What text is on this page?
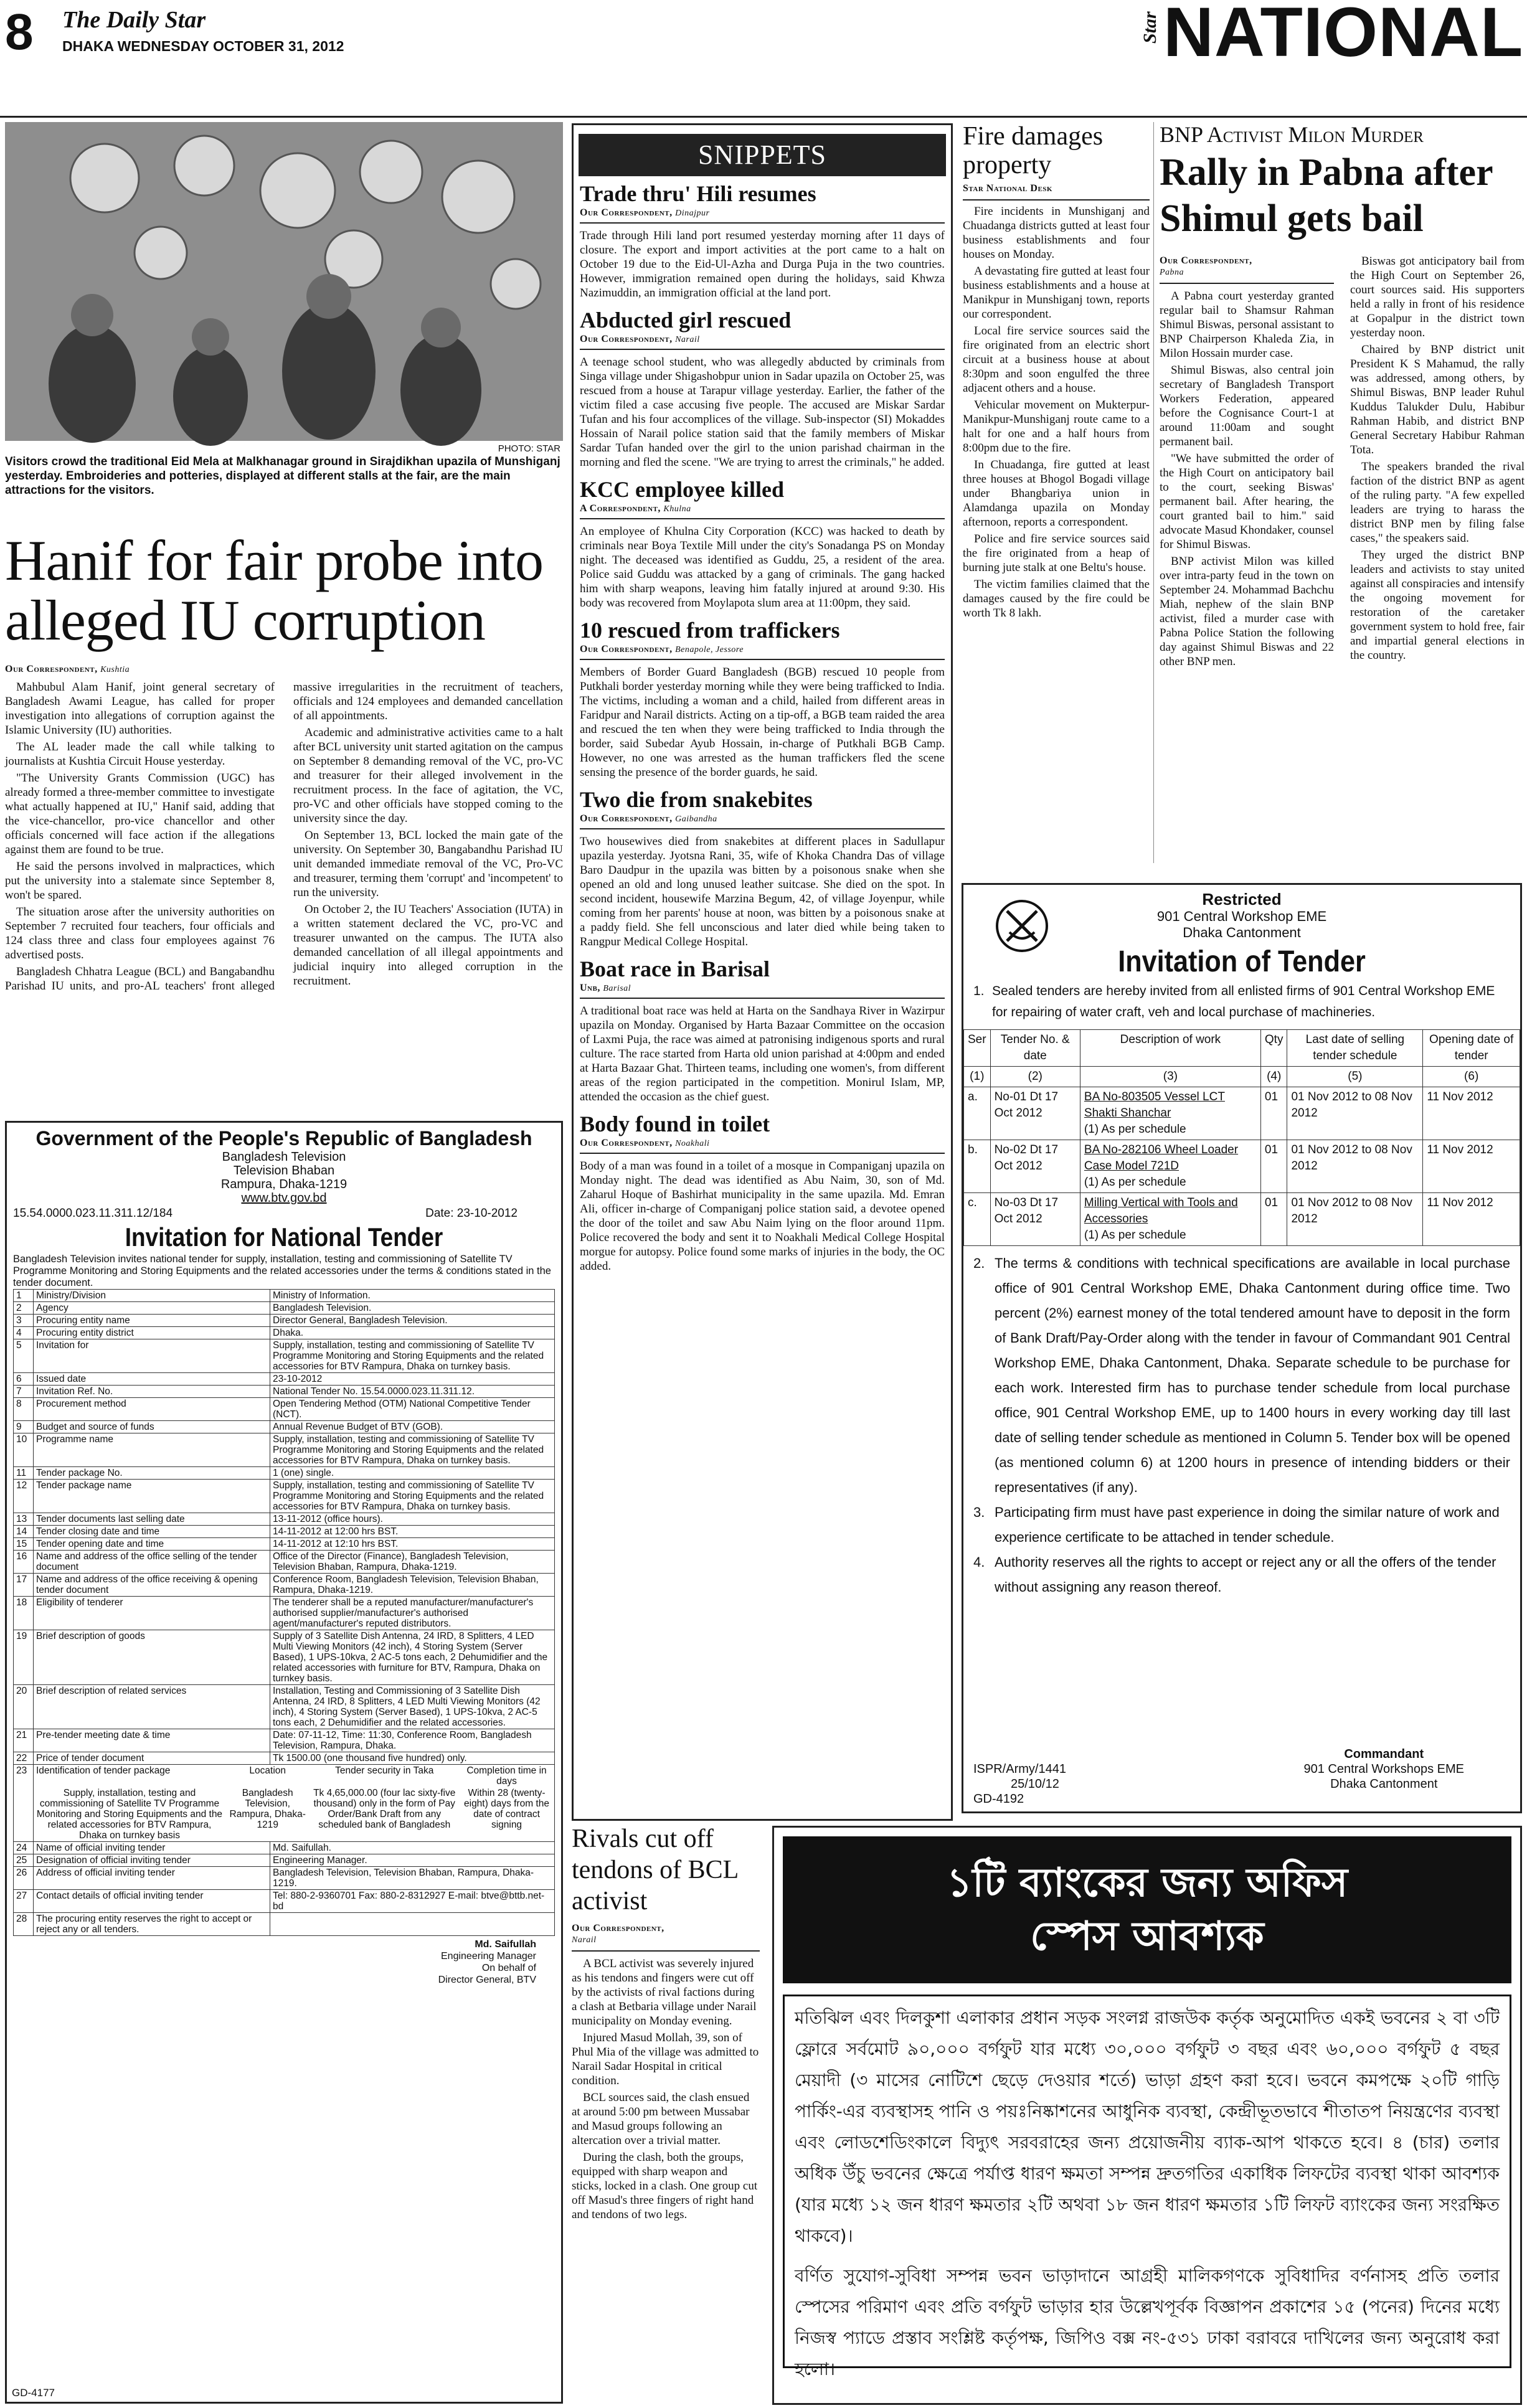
8 The Daily Star
DHAKA WEDNESDAY OCTOBER 31, 2012
Star NATIONAL
PHOTO: STAR
Visitors crowd the traditional Eid Mela at Malkhanagar ground in Sirajdikhan upazila of Munshiganj yesterday. Embroideries and potteries, displayed at different stalls at the fair, are the main attractions for the visitors.
Hanif for fair probe into alleged IU corruption
Our Correspondent, Kushtia

Mahbubul Alam Hanif, joint general secretary of Bangladesh Awami League, has called for proper investigation into allegations of corruption against the Islamic University (IU) authorities.

The AL leader made the call while talking to journalists at Kushtia Circuit House yesterday.

"The University Grants Commission (UGC) has already formed a three-member committee to investigate what actually happened at IU," Hanif said, adding that the vice-chancellor, pro-vice chancellor and other officials concerned will face action if the allegations against them are found to be true.

He said the persons involved in malpractices, which put the university into a stalemate since September 8, won't be spared.

The situation arose after the university authorities on September 7 recruited four teachers, four officials and 124 class three and class four employees against 76 advertised posts.

Bangladesh Chhatra League (BCL) and Bangabandhu Parishad IU units, and pro-AL teachers' front alleged massive irregularities in the recruitment of teachers, officials and 124 employees and demanded cancellation of all appointments.

Academic and administrative activities came to a halt after BCL university unit started agitation on the campus on September 8 demanding removal of the VC, pro-VC and treasurer for their alleged involvement in the recruitment process. In the face of agitation, the VC, pro-VC and other officials have stopped coming to the university since the day.

On September 13, BCL locked the main gate of the university. On September 30, Bangabandhu Parishad IU unit demanded immediate removal of the VC, Pro-VC and treasurer, terming them 'corrupt' and 'incompetent' to run the university.

On October 2, the IU Teachers' Association (IUTA) in a written statement declared the VC, pro-VC and treasurer unwanted on the campus. The IUTA also demanded cancellation of all illegal appointments and judicial inquiry into alleged corruption in the recruitment.

SNIPPETS
Trade thru' Hili resumes
Our Correspondent, Dinajpur
Trade through Hili land port resumed yesterday morning after 11 days of closure. The export and import activities at the port came to a halt on October 19 due to the Eid-Ul-Azha and Durga Puja in the two countries. However, immigration remained open during the holidays, said Khwza Nazimuddin, an immigration official at the land port.
Abducted girl rescued
Our Correspondent, Narail
A teenage school student, who was allegedly abducted by criminals from Singa village under Shigashobpur union in Sadar upazila on October 25, was rescued from a house at Tarapur village yesterday. Earlier, the father of the victim filed a case accusing five people. The accused are Miskar Sardar Tufan and his four accomplices of the village. Sub-inspector (SI) Mokaddes Hossain of Narail police station said that the family members of Miskar Sardar Tufan handed over the girl to the union parishad chairman in the morning and fled the scene. "We are trying to arrest the criminals," he added.
KCC employee killed
A Correspondent, Khulna
An employee of Khulna City Corporation (KCC) was hacked to death by criminals near Boya Textile Mill under the city's Sonadanga PS on Monday night. The deceased was identified as Guddu, 25, a resident of the area. Police said Guddu was attacked by a gang of criminals. The gang hacked him with sharp weapons, leaving him fatally injured at around 9:30. His body was recovered from Moylapota slum area at 11:00pm, they said.
10 rescued from traffickers
Our Correspondent, Benapole, Jessore
Members of Border Guard Bangladesh (BGB) rescued 10 people from Putkhali border yesterday morning while they were being trafficked to India. The victims, including a woman and a child, hailed from different areas in Faridpur and Narail districts. Acting on a tip-off, a BGB team raided the area and rescued the ten when they were being trafficked to India through the border, said Subedar Ayub Hossain, in-charge of Putkhali BGB Camp. However, no one was arrested as the human traffickers fled the scene sensing the presence of the border guards, he said.
Two die from snakebites
Our Correspondent, Gaibandha
Two housewives died from snakebites at different places in Sadullapur upazila yesterday. Jyotsna Rani, 35, wife of Khoka Chandra Das of village Baro Daudpur in the upazila was bitten by a poisonous snake when she opened an old and long unused leather suitcase. She died on the spot. In second incident, housewife Marzina Begum, 42, of village Joyenpur, while coming from her parents' house at noon, was bitten by a poisonous snake at a paddy field. She fell unconscious and later died while being taken to Rangpur Medical College Hospital.
Boat race in Barisal
Unb, Barisal
A traditional boat race was held at Harta on the Sandhaya River in Wazirpur upazila on Monday. Organised by Harta Bazaar Committee on the occasion of Laxmi Puja, the race was aimed at patronising indigenous sports and rural culture. The race started from Harta old union parishad at 4:00pm and ended at Harta Bazaar Ghat. Thirteen teams, including one women's, from different areas of the region participated in the competition. Monirul Islam, MP, attended the occasion as the chief guest.
Body found in toilet
Our Correspondent, Noakhali
Body of a man was found in a toilet of a mosque in Companiganj upazila on Monday night. The dead was identified as Abu Naim, 30, son of Md. Zaharul Hoque of Bashirhat municipality in the same upazila. Md. Emran Ali, officer in-charge of Companiganj police station said, a devotee opened the door of the toilet and saw Abu Naim lying on the floor around 11pm. Police recovered the body and sent it to Noakhali Medical College Hospital morgue for autopsy. Police found some marks of injuries in the body, the OC added.
Fire damages property
Star National Desk

Fire incidents in Munshiganj and Chuadanga districts gutted at least four business establishments and four houses on Monday.

A devastating fire gutted at least four business establishments and a house at Manikpur in Munshiganj town, reports our correspondent.

Local fire service sources said the fire originated from an electric short circuit at a business house at about 8:30pm and soon engulfed the three adjacent others and a house.

Vehicular movement on Mukterpur-Manikpur-Munshiganj route came to a halt for one and a half hours from 8:00pm due to the fire.

In Chuadanga, fire gutted at least three houses at Bhogol Bogadi village under Bhangbariya union in Alamdanga upazila on Monday afternoon, reports a correspondent.

Police and fire service sources said the fire originated from a heap of burning jute stalk at one Beltu's house.

The victim families claimed that the damages caused by the fire could be worth Tk 8 lakh.

BNP Activist Milon Murder
Rally in Pabna after Shimul gets bail
Our Correspondent,
Pabna

A Pabna court yesterday granted regular bail to Shamsur Rahman Shimul Biswas, personal assistant to BNP Chairperson Khaleda Zia, in Milon Hossain murder case.

Shimul Biswas, also central join secretary of Bangladesh Transport Workers Federation, appeared before the Cognisance Court-1 at around 11:00am and sought permanent bail.

"We have submitted the order of the High Court on anticipatory bail to the court, seeking Biswas' permanent bail. After hearing, the court granted bail to him." said advocate Masud Khondaker, counsel for Shimul Biswas.

BNP activist Milon was killed over intra-party feud in the town on September 24. Mohammad Bachchu Miah, nephew of the slain BNP activist, filed a murder case with Pabna Police Station the following day against Shimul Biswas and 22 other BNP men.

Biswas got anticipatory bail from the High Court on September 26, court sources said. His supporters held a rally in front of his residence at Gopalpur in the district town yesterday noon.

Chaired by BNP district unit President K S Mahamud, the rally was addressed, among others, by Shimul Biswas, BNP leader Ruhul Kuddus Talukder Dulu, Habibur Rahman Habib, and district BNP General Secretary Habibur Rahman Tota.

The speakers branded the rival faction of the district BNP as agent of the ruling party. "A few expelled leaders are trying to harass the district BNP men by filing false cases," the speakers said.

They urged the district BNP leaders and activists to stay united against all conspiracies and intensify the ongoing movement for restoration of the caretaker government system to hold free, fair and impartial general elections in the country.

Restricted
901 Central Workshop EME
Dhaka Cantonment
Invitation of Tender
1. Sealed tenders are hereby invited from all enlisted firms of 901 Central Workshop EME for repairing of water craft, veh and local purchase of machineries.
Ser	Tender No. & date	Description of work	Qty	Last date of selling tender schedule	Opening date of tender
(1)	(2)	(3)	(4)	(5)	(6)
a.	No-01 Dt 17 Oct 2012	BA No-803505 Vessel LCT Shakti Shanchar
(1) As per schedule	01	01 Nov 2012 to 08 Nov 2012	11 Nov 2012
b.	No-02 Dt 17 Oct 2012	BA No-282106 Wheel Loader Case Model 721D
(1) As per schedule	01	01 Nov 2012 to 08 Nov 2012	11 Nov 2012
c.	No-03 Dt 17 Oct 2012	Milling Vertical with Tools and Accessories
(1) As per schedule	01	01 Nov 2012 to 08 Nov 2012	11 Nov 2012
2. The terms & conditions with technical specifications are available in local purchase office of 901 Central Workshop EME, Dhaka Cantonment during office time. Two percent (2%) earnest money of the total tendered amount have to deposit in the form of Bank Draft/Pay-Order along with the tender in favour of Commandant 901 Central Workshop EME, Dhaka Cantonment, Dhaka. Separate schedule to be purchase for each work. Interested firm has to purchase tender schedule from local purchase office, 901 Central Workshop EME, up to 1400 hours in every working day till last date of selling tender schedule as mentioned in Column 5. Tender box will be opened (as mentioned column 6) at 1200 hours in presence of intending bidders or their representatives (if any).
3. Participating firm must have past experience in doing the similar nature of work and experience certificate to be attached in tender schedule.
4. Authority reserves all the rights to accept or reject any or all the offers of the tender without assigning any reason thereof.
ISPR/Army/1441
25/10/12
GD-4192
Commandant
901 Central Workshops EME
Dhaka Cantonment
Government of the People's Republic of Bangladesh
Bangladesh Television
Television Bhaban
Rampura, Dhaka-1219
www.btv.gov.bd
15.54.0000.023.11.311.12/184	Date: 23-10-2012
Invitation for National Tender
Bangladesh Television invites national tender for supply, installation, testing and commissioning of Satellite TV Programme Monitoring and Storing Equipments and the related accessories under the terms & conditions stated in the tender document.
1	Ministry/Division	Ministry of Information.
2	Agency	Bangladesh Television.
3	Procuring entity name	Director General, Bangladesh Television.
4	Procuring entity district	Dhaka.
5	Invitation for	Supply, installation, testing and commissioning of Satellite TV Programme Monitoring and Storing Equipments and the related accessories for BTV Rampura, Dhaka on turnkey basis.
6	Issued date	23-10-2012
7	Invitation Ref. No.	National Tender No. 15.54.0000.023.11.311.12.
8	Procurement method	Open Tendering Method (OTM) National Competitive Tender (NCT).
9	Budget and source of funds	Annual Revenue Budget of BTV (GOB).
10	Programme name	Supply, installation, testing and commissioning of Satellite TV Programme Monitoring and Storing Equipments and the related accessories for BTV Rampura, Dhaka on turnkey basis.
11	Tender package No.	1 (one) single.
12	Tender package name	Supply, installation, testing and commissioning of Satellite TV Programme Monitoring and Storing Equipments and the related accessories for BTV Rampura, Dhaka on turnkey basis.
13	Tender documents last selling date	13-11-2012 (office hours).
14	Tender closing date and time	14-11-2012 at 12:00 hrs BST.
15	Tender opening date and time	14-11-2012 at 12:10 hrs BST.
16	Name and address of the office selling of the tender document	Office of the Director (Finance), Bangladesh Television, Television Bhaban, Rampura, Dhaka-1219.
17	Name and address of the office receiving & opening tender document	Conference Room, Bangladesh Television, Television Bhaban, Rampura, Dhaka-1219.
18	Eligibility of tenderer	The tenderer shall be a reputed manufacturer/manufacturer's authorised supplier/manufacturer's authorised agent/manufacturer's reputed distributors.
19	Brief description of goods	Supply of 3 Satellite Dish Antenna, 24 IRD, 8 Splitters, 4 LED Multi Viewing Monitors (42 inch), 4 Storing System (Server Based), 1 UPS-10kva, 2 AC-5 tons each, 2 Dehumidifier and the related accessories with furniture for BTV, Rampura, Dhaka on turnkey basis.
20	Brief description of related services	Installation, Testing and Commissioning of 3 Satellite Dish Antenna, 24 IRD, 8 Splitters, 4 LED Multi Viewing Monitors (42 inch), 4 Storing System (Server Based), 1 UPS-10kva, 2 AC-5 tons each, 2 Dehumidifier and the related accessories.
21	Pre-tender meeting date & time	Date: 07-11-12, Time: 11:30, Conference Room, Bangladesh Television, Rampura, Dhaka.
22	Price of tender document	Tk 1500.00 (one thousand five hundred) only.
23	Identification of tender package	Location	Tender security in Taka	Completion time in days
Supply, installation, testing and commissioning of Satellite TV Programme Monitoring and Storing Equipments and the related accessories for BTV Rampura, Dhaka on turnkey basis	Bangladesh Television, Rampura, Dhaka-1219	Tk 4,65,000.00 (four lac sixty-five thousand) only in the form of Pay Order/Bank Draft from any scheduled bank of Bangladesh	Within 28 (twenty-eight) days from the date of contract signing

24	Name of official inviting tender	Md. Saifullah.
25	Designation of official inviting tender	Engineering Manager.
26	Address of official inviting tender	Bangladesh Television, Television Bhaban, Rampura, Dhaka-1219.
27	Contact details of official inviting tender	Tel: 880-2-9360701 Fax: 880-2-8312927 E-mail: btve@bttb.net-bd
28	The procuring entity reserves the right to accept or reject any or all tenders.	
Md. Saifullah
Engineering Manager
On behalf of
Director General, BTV
GD-4177
Rivals cut off tendons of BCL activist
Our Correspondent,
Narail

A BCL activist was severely injured as his tendons and fingers were cut off by the activists of rival factions during a clash at Betbaria village under Narail municipality on Monday evening.

Injured Masud Mollah, 39, son of Phul Mia of the village was admitted to Narail Sadar Hospital in critical condition.

BCL sources said, the clash ensued at around 5:00 pm between Mussabar and Masud groups following an altercation over a trivial matter.

During the clash, both the groups, equipped with sharp weapon and sticks, locked in a clash. One group cut off Masud's three fingers of right hand and tendons of two legs.

১টি ব্যাংকের জন্য অফিস
স্পেস আবশ্যক
মতিঝিল এবং দিলকুশা এলাকার প্রধান সড়ক সংলগ্ন রাজউক কর্তৃক অনুমোদিত একই ভবনের ২ বা ৩টি ফ্লোরে সর্বমোট ৯০,০০০ বর্গফুট যার মধ্যে ৩০,০০০ বর্গফুট ৩ বছর এবং ৬০,০০০ বর্গফুট ৫ বছর মেয়াদী (৩ মাসের নোটিশে ছেড়ে দেওয়ার শর্তে) ভাড়া গ্রহণ করা হবে। ভবনে কমপক্ষে ২০টি গাড়ি পার্কিং-এর ব্যবস্থাসহ পানি ও পয়ঃনিষ্কাশনের আধুনিক ব্যবস্থা, কেন্দ্রীভূতভাবে শীতাতপ নিয়ন্ত্রণের ব্যবস্থা এবং লোডশেডিংকালে বিদ্যুৎ সরবরাহের জন্য প্রয়োজনীয় ব্যাক-আপ থাকতে হবে। ৪ (চার) তলার অধিক উঁচু ভবনের ক্ষেত্রে পর্যাপ্ত ধারণ ক্ষমতা সম্পন্ন দ্রুতগতির একাধিক লিফটের ব্যবস্থা থাকা আবশ্যক (যার মধ্যে ১২ জন ধারণ ক্ষমতার ২টি অথবা ১৮ জন ধারণ ক্ষমতার ১টি লিফট ব্যাংকের জন্য সংরক্ষিত থাকবে)।
বর্ণিত সুযোগ-সুবিধা সম্পন্ন ভবন ভাড়াদানে আগ্রহী মালিকগণকে সুবিধাদির বর্ণনাসহ প্রতি তলার স্পেসের পরিমাণ এবং প্রতি বর্গফুট ভাড়ার হার উল্লেখপূর্বক বিজ্ঞাপন প্রকাশের ১৫ (পনের) দিনের মধ্যে নিজস্ব প্যাডে প্রস্তাব সংশ্লিষ্ট কর্তৃপক্ষ, জিপিও বক্স নং-৫৩১ ঢাকা বরাবরে দাখিলের জন্য অনুরোধ করা হলো।
